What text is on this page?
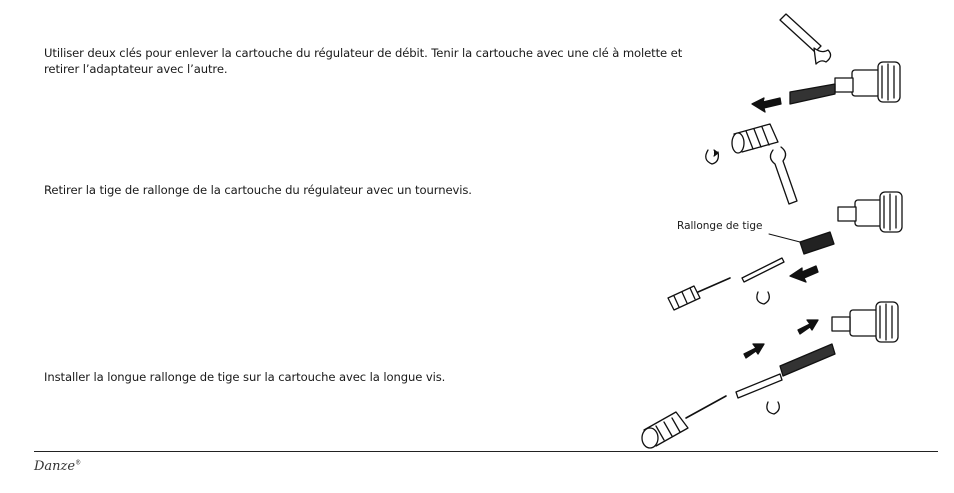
Utiliser deux clés pour enlever la cartouche du régulateur de débit. Tenir la cartouche avec une clé à molette et retirer l’adaptateur avec l’autre.
Retirer la tige de rallonge de la cartouche du régulateur avec un tournevis.
Installer la longue rallonge de tige sur la cartouche avec la longue vis.
Rallonge de tige
Danze®
